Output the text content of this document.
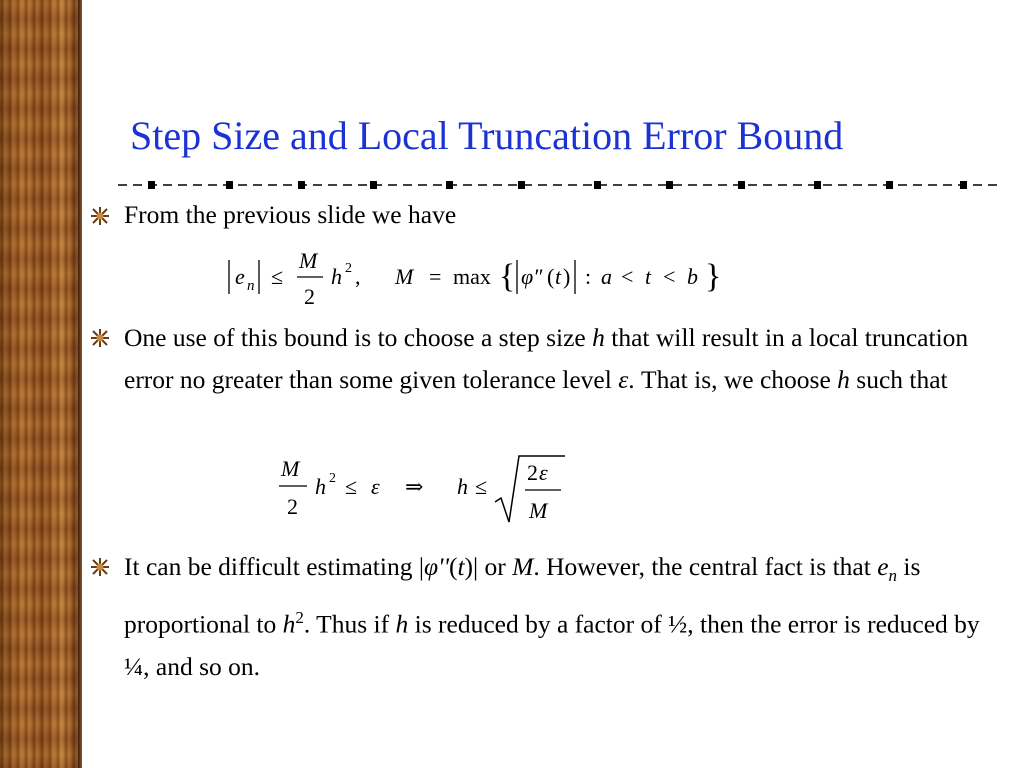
Step Size and Local Truncation Error Bound
From the previous slide we have
e n ≤
M
2
h 2 , M = max { φ″ ( t ) : a < t < b }
One use of this bound is to choose a step size h that will result in a local truncation error no greater than some given tolerance level ε. That is, we choose h such that
M
2
h 2 ≤ ε ⇒ h ≤
2 ε
M
It can be difficult estimating |φ''(t)| or M. However, the central fact is that $e_n$ is proportional to $h^2$. Thus if h is reduced by a factor of ½, then the error is reduced by ¼, and so on.
